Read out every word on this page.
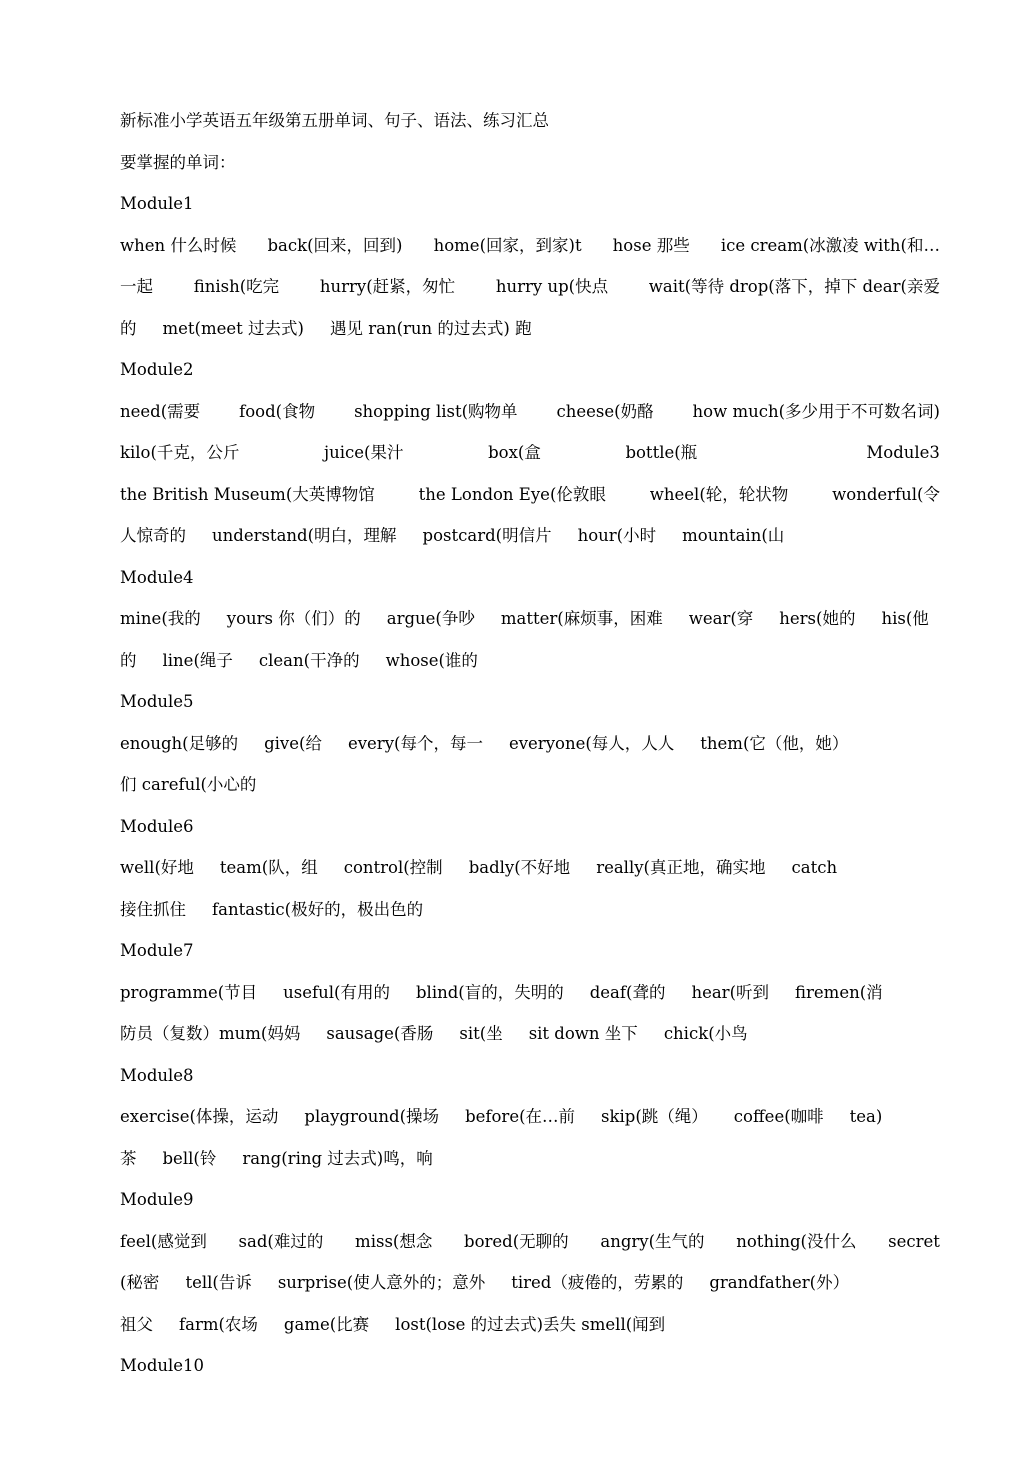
新标准小学英语五年级第五册单词、句子、语法、练习汇总
要掌握的单词：
Module1
when 什么时候 back(回来，回到) home(回家，到家)t hose 那些 ice cream(冰激凌 with(和…
一起 finish(吃完 hurry(赶紧，匆忙 hurry up(快点 wait(等待 drop(落下，掉下 dear(亲爱
的 met(meet 过去式) 遇见 ran(run 的过去式) 跑
Module2
need(需要 food(食物 shopping list(购物单 cheese(奶酪 how much(多少用于不可数名词)
kilo(千克，公斤	juice(果汁	box(盒	bottle(瓶	Module3
the British Museum(大英博物馆	the London Eye(伦敦眼	wheel(轮，轮状物	wonderful(令
人惊奇的 understand(明白，理解 postcard(明信片 hour(小时 mountain(山
Module4
mine(我的 yours 你（们）的 argue(争吵 matter(麻烦事，困难 wear(穿 hers(她的 his(他
的 line(绳子 clean(干净的 whose(谁的
Module5
enough(足够的 give(给 every(每个，每一 everyone(每人，人人 them(它（他，她）
们 careful(小心的
Module6
well(好地 team(队，组 control(控制 badly(不好地 really(真正地，确实地 catch
接住抓住 fantastic(极好的，极出色的
Module7
programme(节目 useful(有用的 blind(盲的，失明的 deaf(聋的 hear(听到 firemen(消
防员（复数）mum(妈妈 sausage(香肠 sit(坐 sit down 坐下 chick(小鸟
Module8
exercise(体操，运动 playground(操场 before(在…前 skip(跳（绳） coffee(咖啡 tea)
茶 bell(铃 rang(ring 过去式)鸣，响
Module9
feel(感觉到 sad(难过的 miss(想念 bored(无聊的 angry(生气的 nothing(没什么 secret
(秘密 tell(告诉 surprise(使人意外的；意外 tired（疲倦的，劳累的 grandfather(外）
祖父 farm(农场 game(比赛 lost(lose 的过去式)丢失 smell(闻到
Module10
